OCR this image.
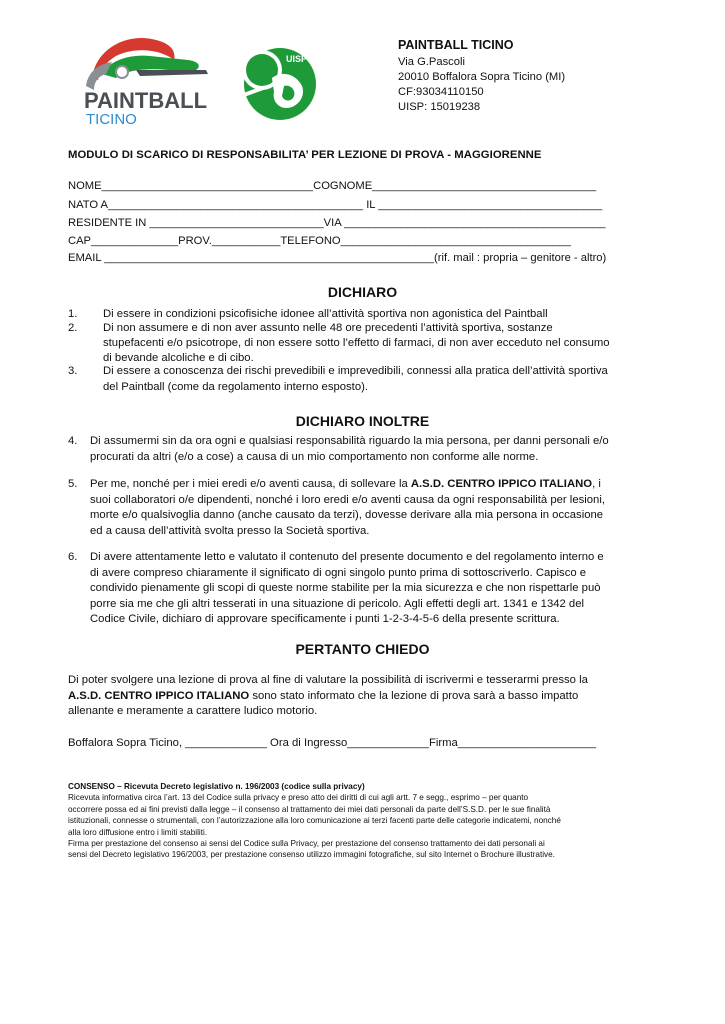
PAINTBALL
TICINO
UISP
PAINTBALL TICINO
Via G.Pascoli
20010 Boffalora Sopra Ticino (MI)
CF:93034110150
UISP: 15019238
MODULO DI SCARICO DI RESPONSABILITA’ PER LEZIONE DI PROVA - MAGGIORENNE
NOME__________________________________COGNOME____________________________________
NATO A_________________________________________ IL ____________________________________
RESIDENTE IN ____________________________VIA __________________________________________
CAP______________PROV.___________TELEFONO_____________________________________
EMAIL _____________________________________________________(rif. mail : propria – genitore - altro)
DICHIARO
1. Di essere in condizioni psicofisiche idonee all’attività sportiva non agonistica del Paintball
2. Di non assumere e di non aver assunto nelle 48 ore precedenti l’attività sportiva, sostanze
stupefacenti e/o psicotrope, di non essere sotto l’effetto di farmaci, di non aver ecceduto nel consumo
di bevande alcoliche e di cibo.
3. Di essere a conoscenza dei rischi prevedibili e imprevedibili, connessi alla pratica dell’attività sportiva
del Paintball (come da regolamento interno esposto).
DICHIARO INOLTRE
4. Di assumermi sin da ora ogni e qualsiasi responsabilità riguardo la mia persona, per danni personali e/o
procurati da altri (e/o a cose) a causa di un mio comportamento non conforme alle norme.
5. Per me, nonché per i miei eredi e/o aventi causa, di sollevare la A.S.D. CENTRO IPPICO ITALIANO, i
suoi collaboratori o/e dipendenti, nonché i loro eredi e/o aventi causa da ogni responsabilità per lesioni,
morte e/o qualsivoglia danno (anche causato da terzi), dovesse derivare alla mia persona in occasione
ed a causa dell’attività svolta presso la Società sportiva.
6. Di avere attentamente letto e valutato il contenuto del presente documento e del regolamento interno e
di avere compreso chiaramente il significato di ogni singolo punto prima di sottoscriverlo. Capisco e
condivido pienamente gli scopi di queste norme stabilite per la mia sicurezza e che non rispettarle può
porre sia me che gli altri tesserati in una situazione di pericolo. Agli effetti degli art. 1341 e 1342 del
Codice Civile, dichiaro di approvare specificamente i punti 1-2-3-4-5-6 della presente scrittura.
PERTANTO CHIEDO
Di poter svolgere una lezione di prova al fine di valutare la possibilità di iscrivermi e tesserarmi presso la
A.S.D. CENTRO IPPICO ITALIANO sono stato informato che la lezione di prova sarà a basso impatto
allenante e meramente a carattere ludico motorio.
Boffalora Sopra Ticino, _____________ Ora di Ingresso_____________Firma______________________
CONSENSO – Ricevuta Decreto legislativo n. 196/2003 (codice sulla privacy)
Ricevuta informativa circa l’art. 13 del Codice sulla privacy e preso atto dei diritti di cui agli artt. 7 e segg., esprimo – per quanto
occorrere possa ed ai fini previsti dalla legge – il consenso al trattamento dei miei dati personali da parte dell’S.S.D. per le sue finalità
istituzionali, connesse o strumentali, con l’autorizzazione alla loro comunicazione ai terzi facenti parte delle categorie indicatemi, nonché
alla loro diffusione entro i limiti stabiliti.
Firma per prestazione del consenso ai sensi del Codice sulla Privacy, per prestazione del consenso trattamento dei dati personali ai
sensi del Decreto legislativo 196/2003, per prestazione consenso utilizzo immagini fotografiche, sul sito Internet o Brochure illustrative.
